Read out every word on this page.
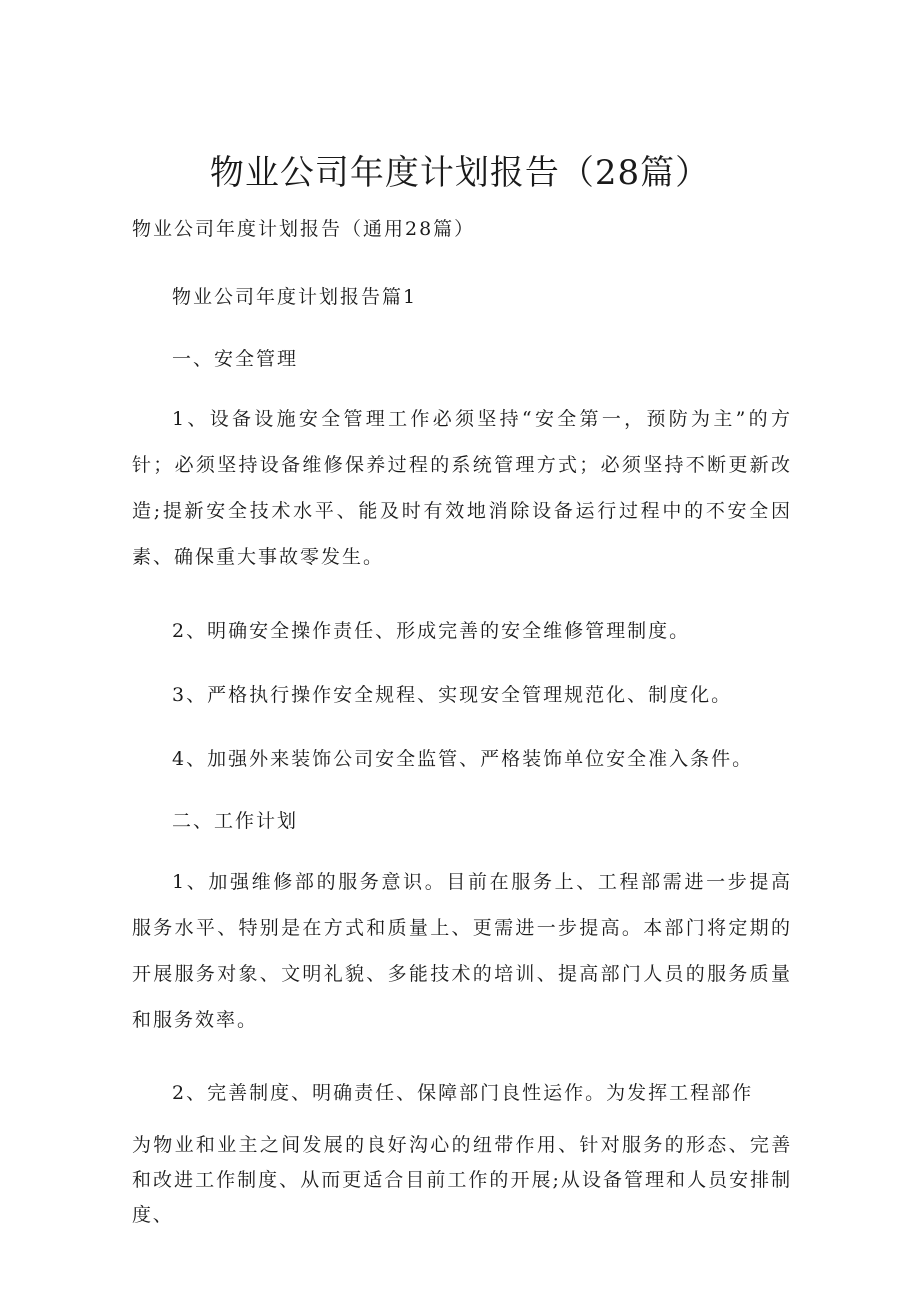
物业公司年度计划报告（28篇）
物业公司年度计划报告（通用28篇）
物业公司年度计划报告篇1
一、安全管理
1、设备设施安全管理工作必须坚持“安全第一，预防为主”的方针；必须坚持设备维修保养过程的系统管理方式；必须坚持不断更新改造;提新安全技术水平、能及时有效地消除设备运行过程中的不安全因素、确保重大事故零发生。
2、明确安全操作责任、形成完善的安全维修管理制度。
3、严格执行操作安全规程、实现安全管理规范化、制度化。
4、加强外来装饰公司安全监管、严格装饰单位安全准入条件。
二、工作计划
1、加强维修部的服务意识。目前在服务上、工程部需进一步提高服务水平、特别是在方式和质量上、更需进一步提高。本部门将定期的开展服务对象、文明礼貌、多能技术的培训、提高部门人员的服务质量和服务效率。
2、完善制度、明确责任、保障部门良性运作。为发挥工程部作
为物业和业主之间发展的良好沟心的纽带作用、针对服务的形态、完善和改进工作制度、从而更适合目前工作的开展;从设备管理和人员安排制度、
